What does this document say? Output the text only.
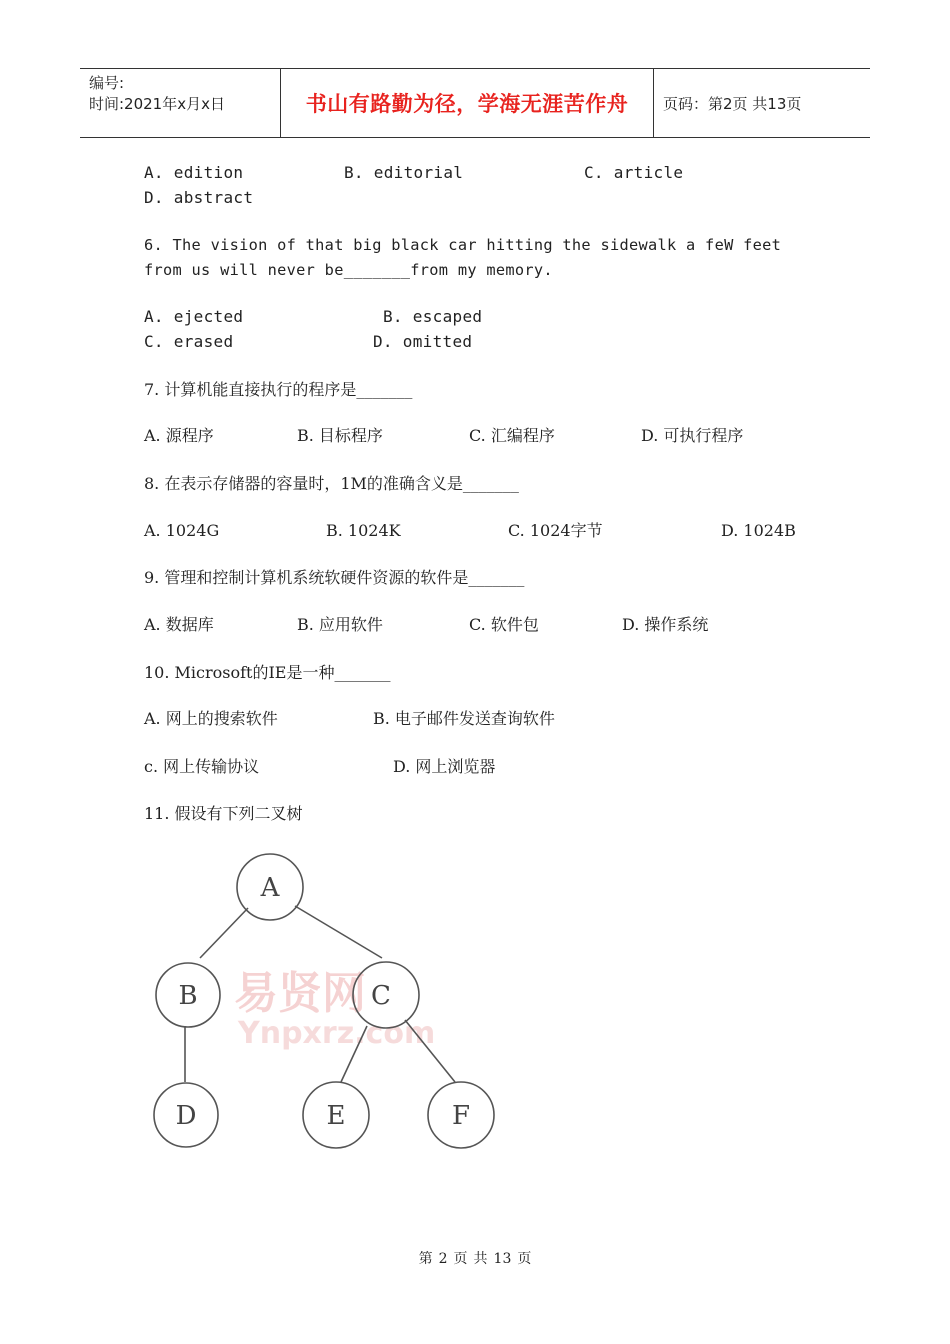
编号:
时间:2021年x月x日	书山有路勤为径，学海无涯苦作舟 页码：第2页 共13页
A. edition	B. editorial	C. article
D. abstract
6. The vision of that big black car hitting the sidewalk a feW feet
from us will never be_______from my memory.
A. ejected	B. escaped
C. erased	D. omitted
7. 计算机能直接执行的程序是_______
A. 源程序	B. 目标程序	C. 汇编程序	D. 可执行程序
8. 在表示存储器的容量时，1M的准确含义是_______
A. 1024G	B. 1024K	C. 1024字节	D. 1024B
9. 管理和控制计算机系统软硬件资源的软件是_______
A. 数据库	B. 应用软件	C. 软件包	D. 操作系统
10. Microsoft的IE是一种_______
A. 网上的搜索软件	B. 电子邮件发送查询软件
c. 网上传输协议	D. 网上浏览器
11. 假设有下列二叉树
易贤网
Ynpxrz.com
A
B	C
D	E	F
第 2 页 共 13 页
